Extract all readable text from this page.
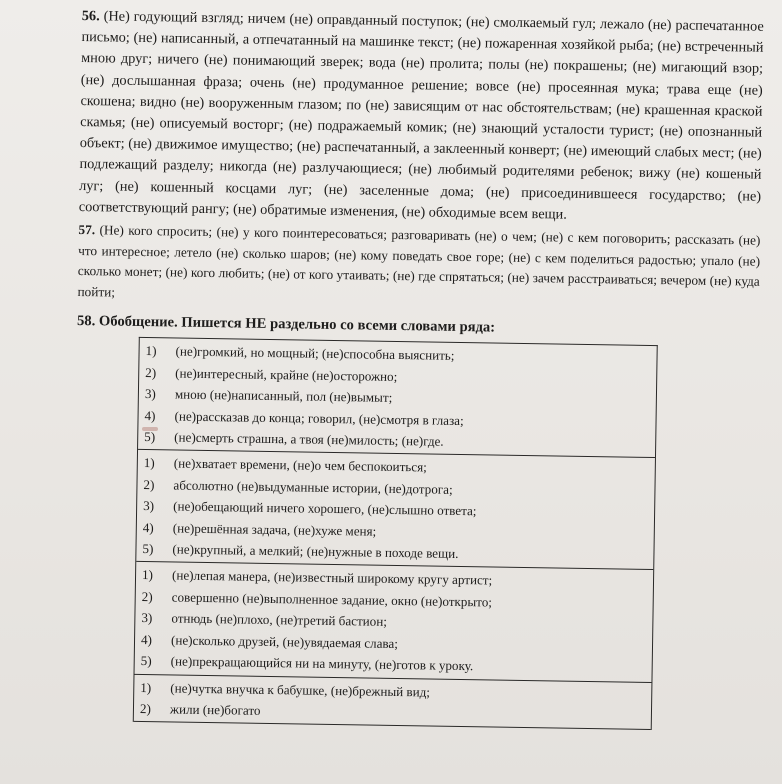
56. (Не) годующий взгляд; ничем (не) оправданный поступок; (не) смолкаемый гул; лежало (не) распечатанное письмо; (не) написанный, а отпечатанный на машинке текст; (не) пожаренная хозяйкой рыба; (не) встреченный мною друг; ничего (не) понимающий зверек; вода (не) пролита; полы (не) покрашены; (не) мигающий взор; (не) дослышанная фраза; очень (не) продуманное решение; вовсе (не) просеянная мука; трава еще (не) скошена; видно (не) вооруженным глазом; по (не) зависящим от нас обстоятельствам; (не) крашенная краской скамья; (не) описуемый восторг; (не) подражаемый комик; (не) знающий усталости турист; (не) опознанный объект; (не) движимое имущество; (не) распечатанный, а заклеенный конверт; (не) имеющий слабых мест; (не) подлежащий разделу; никогда (не) разлучающиеся; (не) любимый родителями ребенок; вижу (не) кошеный луг; (не) кошенный косцами луг; (не) заселенные дома; (не) присоединившееся государство; (не) соответствующий рангу; (не) обратимые изменения, (не) обходимые всем вещи.

57. (Не) кого спросить; (не) у кого поинтересоваться; разговаривать (не) о чем; (не) с кем поговорить; рассказать (не) что интересное; летело (не) сколько шаров; (не) кому поведать свое горе; (не) с кем поделиться радостью; упало (не) сколько монет; (не) кого любить; (не) от кого утаивать; (не) где спрятаться; (не) зачем расстраиваться; вечером (не) куда пойти;

58. Обобщение. Пишется НЕ раздельно со всеми словами ряда:
1)	(не)громкий, но мощный; (не)способна выяснить;
2)	(не)интересный, крайне (не)осторожно;
3)	мною (не)написанный, пол (не)вымыт;
4)	(не)рассказав до конца; говорил, (не)смотря в глаза;
5)	(не)смерть страшна, а твоя (не)милость; (не)где.
1)	(не)хватает времени, (не)о чем беспокоиться;
2)	абсолютно (не)выдуманные истории, (не)дотрога;
3)	(не)обещающий ничего хорошего, (не)слышно ответа;
4)	(не)решённая задача, (не)хуже меня;
5)	(не)крупный, а мелкий; (не)нужные в походе вещи.
1)	(не)лепая манера, (не)известный широкому кругу артист;
2)	совершенно (не)выполненное задание, окно (не)открыто;
3)	отнюдь (не)плохо, (не)третий бастион;
4)	(не)сколько друзей, (не)увядаемая слава;
5)	(не)прекращающийся ни на минуту, (не)готов к уроку.
1)	(не)чутка внучка к бабушке, (не)брежный вид;
2)	жили (не)богато
